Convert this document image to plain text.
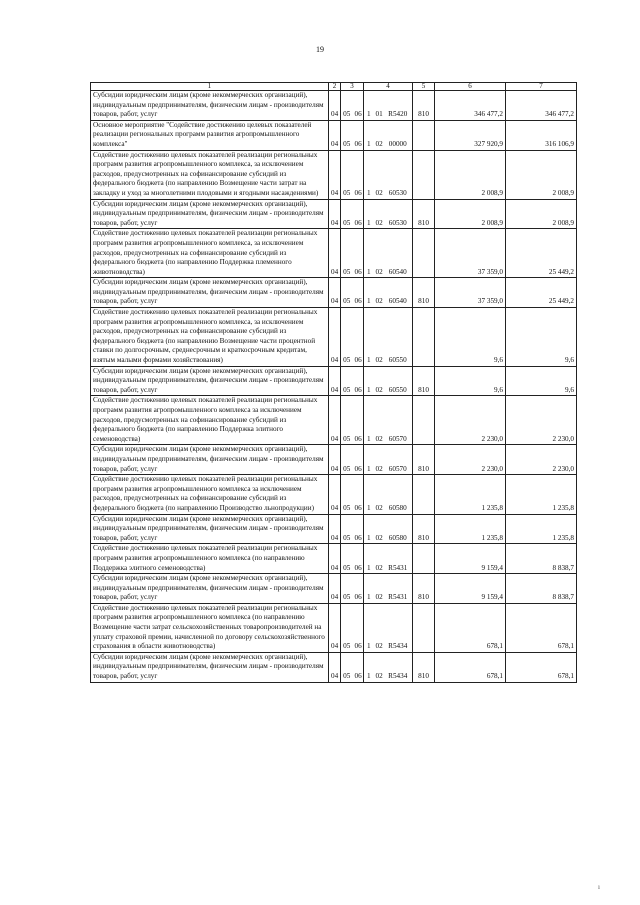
19
1	2	3		4			5	6	7
Субсидии юридическим лицам (кроме некоммерческих организаций), индивидуальным предпринимателям, физическим лицам - производителям товаров, работ, услуг	04	05	06	1	01	R5420	810	346 477,2	346 477,2
Основное мероприятие "Содействие достижению целевых показателей реализации региональных программ развития агропромышленного комплекса"	04	05	06	1	02	00000		327 920,9	316 106,9
Содействие достижению целевых показателей реализации региональных программ развития агропромышленного комплекса, за исключением расходов, предусмотренных на софинансирование субсидий из федерального бюджета (по направлению Возмещение части затрат на закладку и уход за многолетними плодовыми и ягодными насаждениями)	04	05	06	1	02	60530		2 008,9	2 008,9
Субсидии юридическим лицам (кроме некоммерческих организаций), индивидуальным предпринимателям, физическим лицам - производителям товаров, работ, услуг	04	05	06	1	02	60530	810	2 008,9	2 008,9
Содействие достижению целевых показателей реализации региональных программ развития агропромышленного комплекса, за исключением расходов, предусмотренных на софинансирование субсидий из федерального бюджета (по направлению Поддержка племенного животноводства)	04	05	06	1	02	60540		37 359,0	25 449,2
Субсидии юридическим лицам (кроме некоммерческих организаций), индивидуальным предпринимателям, физическим лицам - производителям товаров, работ, услуг	04	05	06	1	02	60540	810	37 359,0	25 449,2
Содействие достижению целевых показателей реализации региональных программ развития агропромышленного комплекса, за исключением расходов, предусмотренных на софинансирование субсидий из федерального бюджета (по направлению Возмещение части процентной ставки по долгосрочным, среднесрочным и краткосрочным кредитам, взятым малыми формами хозяйствования)	04	05	06	1	02	60550		9,6	9,6
Субсидии юридическим лицам (кроме некоммерческих организаций), индивидуальным предпринимателям, физическим лицам - производителям товаров, работ, услуг	04	05	06	1	02	60550	810	9,6	9,6
Содействие достижению целевых показателей реализации региональных программ развития агропромышленного комплекса за исключением расходов, предусмотренных на софинансирование субсидий из федерального бюджета (по направлению Поддержка элитного семеноводства)	04	05	06	1	02	60570		2 230,0	2 230,0
Субсидии юридическим лицам (кроме некоммерческих организаций), индивидуальным предпринимателям, физическим лицам - производителям товаров, работ, услуг	04	05	06	1	02	60570	810	2 230,0	2 230,0
Содействие достижению целевых показателей реализации региональных программ развития агропромышленного комплекса за исключением расходов, предусмотренных на софинансирование субсидий из федерального бюджета (по направлению Производство льнопродукции)	04	05	06	1	02	60580		1 235,8	1 235,8
Субсидии юридическим лицам (кроме некоммерческих организаций), индивидуальным предпринимателям, физическим лицам - производителям товаров, работ, услуг	04	05	06	1	02	60580	810	1 235,8	1 235,8
Содействие достижению целевых показателей реализации региональных программ развития агропромышленного комплекса (по направлению Поддержка элитного семеноводства)	04	05	06	1	02	R5431		9 159,4	8 838,7
Субсидии юридическим лицам (кроме некоммерческих организаций), индивидуальным предпринимателям, физическим лицам - производителям товаров, работ, услуг	04	05	06	1	02	R5431	810	9 159,4	8 838,7
Содействие достижению целевых показателей реализации региональных программ развития агропромышленного комплекса (по направлению Возмещение части затрат сельскохозяйственных товаропроизводителей на уплату страховой премии, начисленной по договору сельскохозяйственного страхования в области животноводства)	04	05	06	1	02	R5434		678,1	678,1
Субсидии юридическим лицам (кроме некоммерческих организаций), индивидуальным предпринимателям, физическим лицам - производителям товаров, работ, услуг	04	05	06	1	02	R5434	810	678,1	678,1
ı
